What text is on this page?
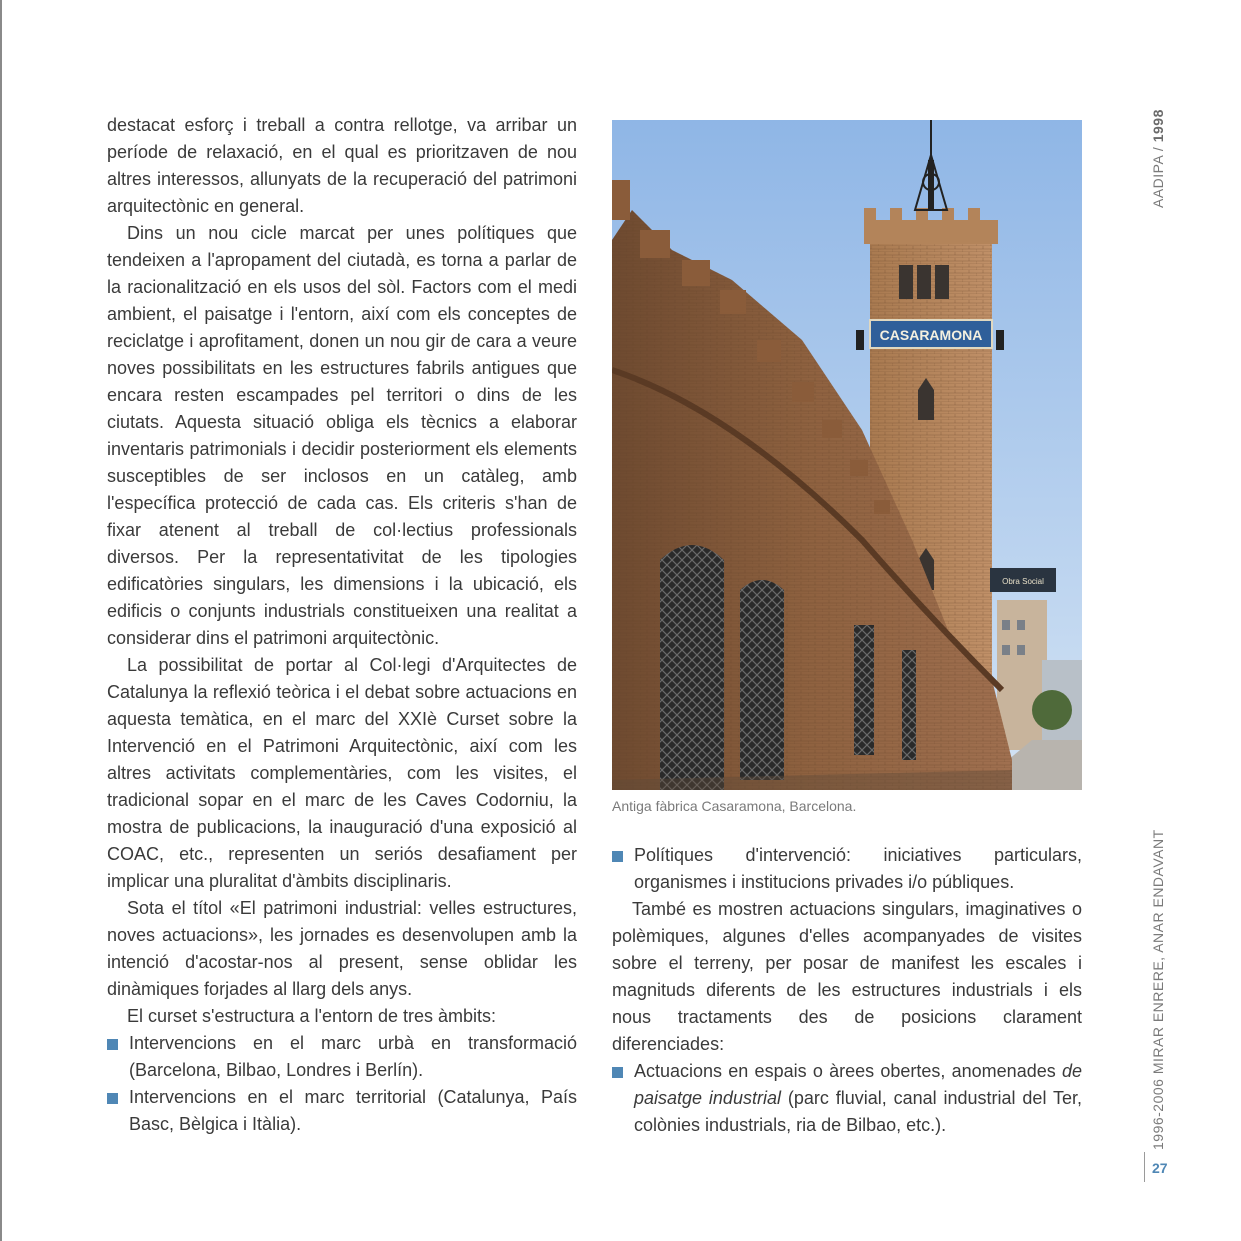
destacat esforç i treball a contra rellotge, va arribar un període de relaxació, en el qual es prioritzaven de nou altres interessos, allunyats de la recuperació del patrimoni arquitectònic en general.

Dins un nou cicle marcat per unes polítiques que tendeixen a l'apropament del ciutadà, es torna a parlar de la racionalització en els usos del sòl. Factors com el medi ambient, el paisatge i l'entorn, així com els conceptes de reciclatge i aprofitament, donen un nou gir de cara a veure noves possibilitats en les estructures fabrils antigues que encara resten escampades pel territori o dins de les ciutats. Aquesta situació obliga els tècnics a elaborar inventaris patrimonials i decidir posteriorment els elements susceptibles de ser inclosos en un catàleg, amb l'específica protecció de cada cas. Els criteris s'han de fixar atenent al treball de col·lectius professionals diversos. Per la representativitat de les tipologies edificatòries singulars, les dimensions i la ubicació, els edificis o conjunts industrials constitueixen una realitat a considerar dins el patrimoni arquitectònic.

La possibilitat de portar al Col·legi d'Arquitectes de Catalunya la reflexió teòrica i el debat sobre actuacions en aquesta temàtica, en el marc del XXIè Curset sobre la Intervenció en el Patrimoni Arquitectònic, així com les altres activitats complementàries, com les visites, el tradicional sopar en el marc de les Caves Codorniu, la mostra de publicacions, la inauguració d'una exposició al COAC, etc., representen un seriós desafiament per implicar una pluralitat d'àmbits disciplinaris.

Sota el títol «El patrimoni industrial: velles estructures, noves actuacions», les jornades es desenvolupen amb la intenció d'acostar-nos al present, sense oblidar les dinàmiques forjades al llarg dels anys.

El curset s'estructura a l'entorn de tres àmbits:

Intervencions en el marc urbà en transformació (Barcelona, Bilbao, Londres i Berlín).

Intervencions en el marc territorial (Catalunya, País Basc, Bèlgica i Itàlia).

CASARAMONA
Obra Social
Antiga fàbrica Casaramona, Barcelona.

Polítiques d'intervenció: iniciatives particulars, organismes i institucions privades i/o públiques.

També es mostren actuacions singulars, imaginatives o polèmiques, algunes d'elles acompanyades de visites sobre el terreny, per posar de manifest les escales i magnituds diferents de les estructures industrials i els nous tractaments des de posicions clarament diferenciades:

Actuacions en espais o àrees obertes, anomenades de paisatge industrial (parc fluvial, canal industrial del Ter, colònies industrials, ria de Bilbao, etc.).

AADIPA / 1998
1996-2006 MIRAR ENRERE, ANAR ENDAVANT
27
